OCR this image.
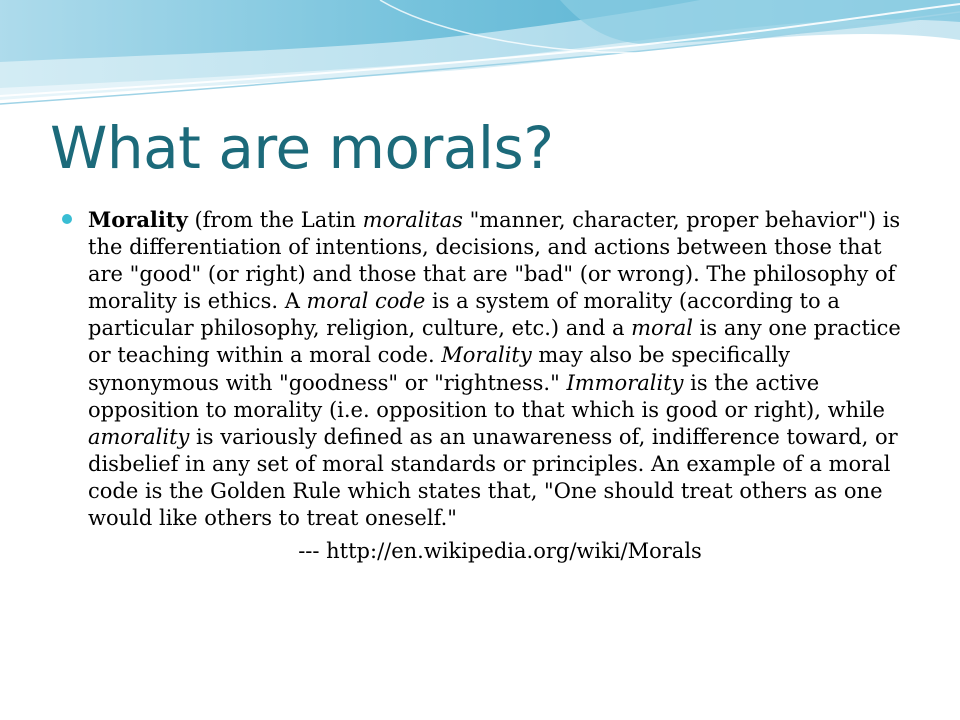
What are morals?

Morality (from the Latin moralitas "manner, character, proper behavior") is the differentiation of intentions, decisions, and actions between those that are "good" (or right) and those that are "bad" (or wrong). The philosophy of morality is ethics. A moral code is a system of morality (according to a particular philosophy, religion, culture, etc.) and a moral is any one practice or teaching within a moral code. Morality may also be specifically synonymous with "goodness" or "rightness." Immorality is the active opposition to morality (i.e. opposition to that which is good or right), while amorality is variously defined as an unawareness of, indifference toward, or disbelief in any set of moral standards or principles. An example of a moral code is the Golden Rule which states that, "One should treat others as one would like others to treat oneself."

--- http://en.wikipedia.org/wiki/Morals
